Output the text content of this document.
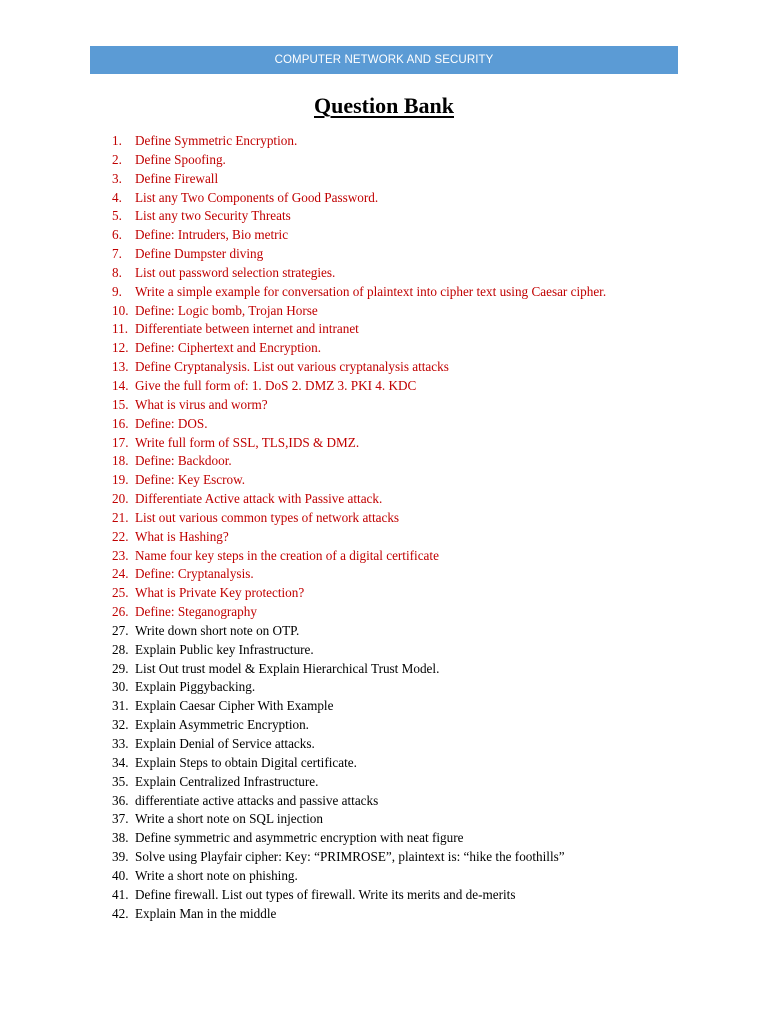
COMPUTER NETWORK AND SECURITY
Question Bank
1. Define Symmetric Encryption.
2. Define Spoofing.
3. Define Firewall
4. List any Two Components of Good Password.
5. List any two Security Threats
6. Define: Intruders, Bio metric
7. Define Dumpster diving
8. List out password selection strategies.
9. Write a simple example for conversation of plaintext into cipher text using Caesar cipher.
10. Define: Logic bomb, Trojan Horse
11. Differentiate between internet and intranet
12. Define: Ciphertext and Encryption.
13. Define Cryptanalysis. List out various cryptanalysis attacks
14. Give the full form of: 1. DoS 2. DMZ 3. PKI 4. KDC
15. What is virus and worm?
16. Define: DOS.
17. Write full form of SSL, TLS,IDS & DMZ.
18. Define: Backdoor.
19. Define: Key Escrow.
20. Differentiate Active attack with Passive attack.
21. List out various common types of network attacks
22. What is Hashing?
23. Name four key steps in the creation of a digital certificate
24. Define: Cryptanalysis.
25. What is Private Key protection?
26. Define: Steganography
27. Write down short note on OTP.
28. Explain Public key Infrastructure.
29. List Out trust model & Explain Hierarchical Trust Model.
30. Explain Piggybacking.
31. Explain Caesar Cipher With Example
32. Explain Asymmetric Encryption.
33. Explain Denial of Service attacks.
34. Explain Steps to obtain Digital certificate.
35. Explain Centralized Infrastructure.
36. differentiate active attacks and passive attacks
37. Write a short note on SQL injection
38. Define symmetric and asymmetric encryption with neat figure
39. Solve using Playfair cipher: Key: “PRIMROSE”, plaintext is: “hike the foothills”
40. Write a short note on phishing.
41. Define firewall. List out types of firewall. Write its merits and de-merits
42. Explain Man in the middle
